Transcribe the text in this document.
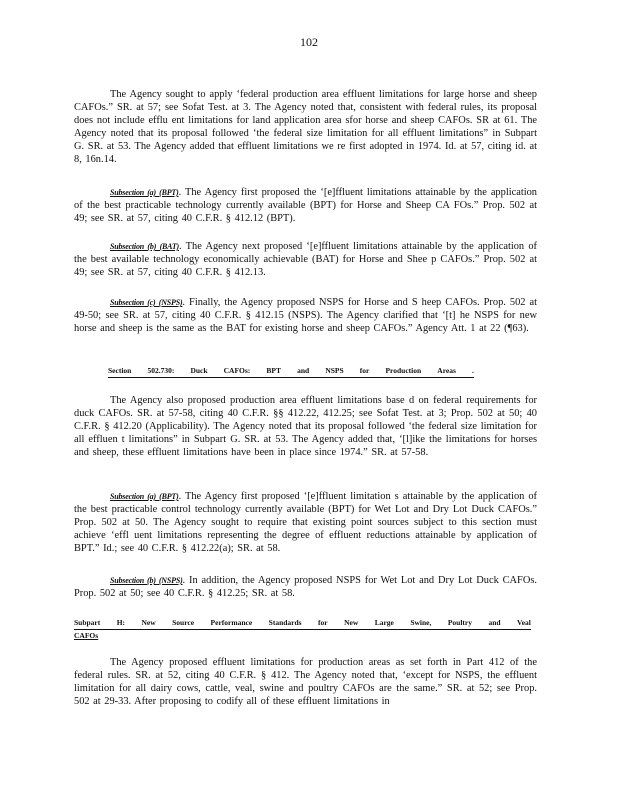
102

The Agency sought to apply ‘federal production area effluent limitations for large horse and sheep CAFOs.” SR. at 57; see Sofat Test. at 3. The Agency noted that, consistent with federal rules, its proposal does not include efflu ent limitations for land application area sfor horse and sheep CAFOs. SR at 61. The Agency noted that its proposal followed ‘the federal size limitation for all effluent limitations” in Subpart G. SR. at 53. The Agency added that effluent limitations we re first adopted in 1974. Id. at 57, citing id. at 8, 16n.14.

Subsection (a) (BPT). The Agency first proposed the ‘[e]ffluent limitations attainable by the application of the best practicable technology currently available (BPT) for Horse and Sheep CA FOs.” Prop. 502 at 49; see SR. at 57, citing 40 C.F.R. § 412.12 (BPT).

Subsection (b) (BAT). The Agency next proposed ‘[e]ffluent limitations attainable by the application of the best available technology economically achievable (BAT) for Horse and Shee p CAFOs.” Prop. 502 at 49; see SR. at 57, citing 40 C.F.R. § 412.13.

Subsection (c) (NSPS). Finally, the Agency proposed NSPS for Horse and S heep CAFOs. Prop. 502 at 49-50; see SR. at 57, citing 40 C.F.R. § 412.15 (NSPS). The Agency clarified that ‘[t] he NSPS for new horse and sheep is the same as the BAT for existing horse and sheep CAFOs.” Agency Att. 1 at 22 (¶63).

Section 502.730: Duck CAFOs: BPT and NSPS for Production Areas .

The Agency also proposed production area effluent limitations base d on federal requirements for duck CAFOs. SR. at 57-58, citing 40 C.F.R. §§ 412.22, 412.25; see Sofat Test. at 3; Prop. 502 at 50; 40 C.F.R. § 412.20 (Applicability). The Agency noted that its proposal followed ‘the federal size limitation for all effluen t limitations” in Subpart G. SR. at 53. The Agency added that, ‘[l]ike the limitations for horses and sheep, these effluent limitations have been in place since 1974.” SR. at 57-58.

Subsection (a) (BPT). The Agency first proposed ‘[e]ffluent limitation s attainable by the application of the best practicable control technology currently available (BPT) for Wet Lot and Dry Lot Duck CAFOs.” Prop. 502 at 50. The Agency sought to require that existing point sources subject to this section must achieve ‘effl uent limitations representing the degree of effluent reductions attainable by application of BPT.” Id.; see 40 C.F.R. § 412.22(a); SR. at 58.

Subsection (b) (NSPS). In addition, the Agency proposed NSPS for Wet Lot and Dry Lot Duck CAFOs. Prop. 502 at 50; see 40 C.F.R. § 412.25; SR. at 58.

Subpart H: New Source Performance Standards for New Large Swine, Poultry and Veal
CAFOs

The Agency proposed effluent limitations for production areas as set forth in Part 412 of the federal rules. SR. at 52, citing 40 C.F.R. § 412. The Agency noted that, ‘except for NSPS, the effluent limitation for all dairy cows, cattle, veal, swine and poultry CAFOs are the same.” SR. at 52; see Prop. 502 at 29-33. After proposing to codify all of these effluent limitations in
